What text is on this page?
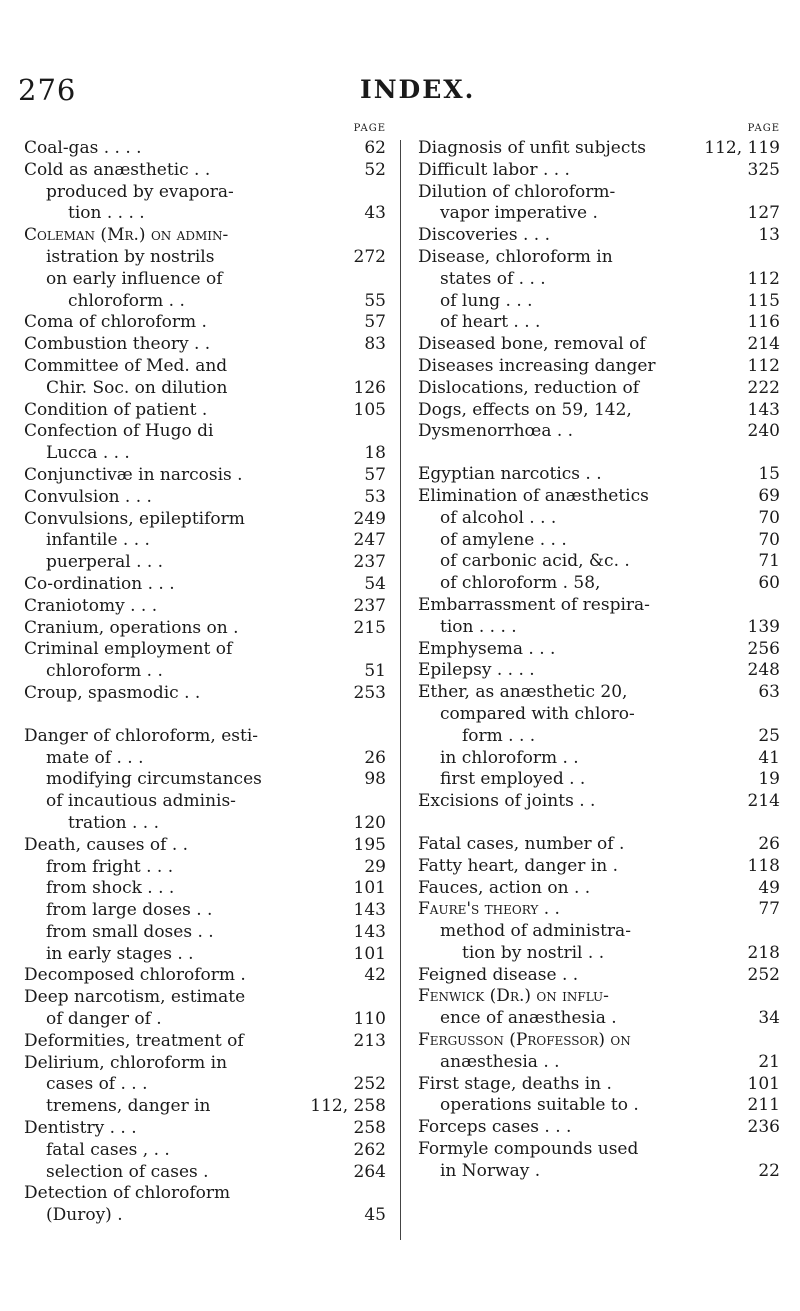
276	INDEX.
PAGE
Coal-gas . . . .	62
Cold as anæsthetic . .	52
produced by evapora-
tion . . . .	43
Coleman (Mr.) on admin-
istration by nostrils	272
on early influence of
chloroform . .	55
Coma of chloroform .	57
Combustion theory . .	83
Committee of Med. and
Chir. Soc. on dilution	126
Condition of patient .	105
Confection of Hugo di
Lucca . . .	18
Conjunctivæ in narcosis .	57
Convulsion . . .	53
Convulsions, epileptiform	249
infantile . . .	247
puerperal . . .	237
Co-ordination . . .	54
Craniotomy . . .	237
Cranium, operations on .	215
Criminal employment of
chloroform . .	51
Croup, spasmodic . .	253
Danger of chloroform, esti-
mate of . . .	26
modifying circumstances	98
of incautious adminis-
tration . . .	120
Death, causes of . .	195
from fright . . .	29
from shock . . .	101
from large doses . .	143
from small doses . .	143
in early stages . .	101
Decomposed chloroform .	42
Deep narcotism, estimate
of danger of .	110
Deformities, treatment of	213
Delirium, chloroform in
cases of . . .	252
tremens, danger in	112, 258
Dentistry . . .	258
fatal cases , . .	262
selection of cases .	264
Detection of chloroform
(Duroy) .	45
PAGE
Diagnosis of unfit subjects	112, 119
Difficult labor . . .	325
Dilution of chloroform-
vapor imperative .	127
Discoveries . . .	13
Disease, chloroform in
states of . . .	112
of lung . . .	115
of heart . . .	116
Diseased bone, removal of	214
Diseases increasing danger	112
Dislocations, reduction of	222
Dogs, effects on 59, 142,	143
Dysmenorrhœa . .	240
Egyptian narcotics . .	15
Elimination of anæsthetics	69
of alcohol . . .	70
of amylene . . .	70
of carbonic acid, &c. .	71
of chloroform . 58,	60
Embarrassment of respira-
tion . . . .	139
Emphysema . . .	256
Epilepsy . . . .	248
Ether, as anæsthetic 20,	63
compared with chloro-
form . . .	25
in chloroform . .	41
first employed . .	19
Excisions of joints . .	214
Fatal cases, number of .	26
Fatty heart, danger in .	118
Fauces, action on . .	49
Faure's theory . .	77
method of administra-
tion by nostril . .	218
Feigned disease . .	252
Fenwick (Dr.) on influ-
ence of anæsthesia .	34
Fergusson (Professor) on
anæsthesia . .	21
First stage, deaths in .	101
operations suitable to .	211
Forceps cases . . .	236
Formyle compounds used
in Norway .	22
